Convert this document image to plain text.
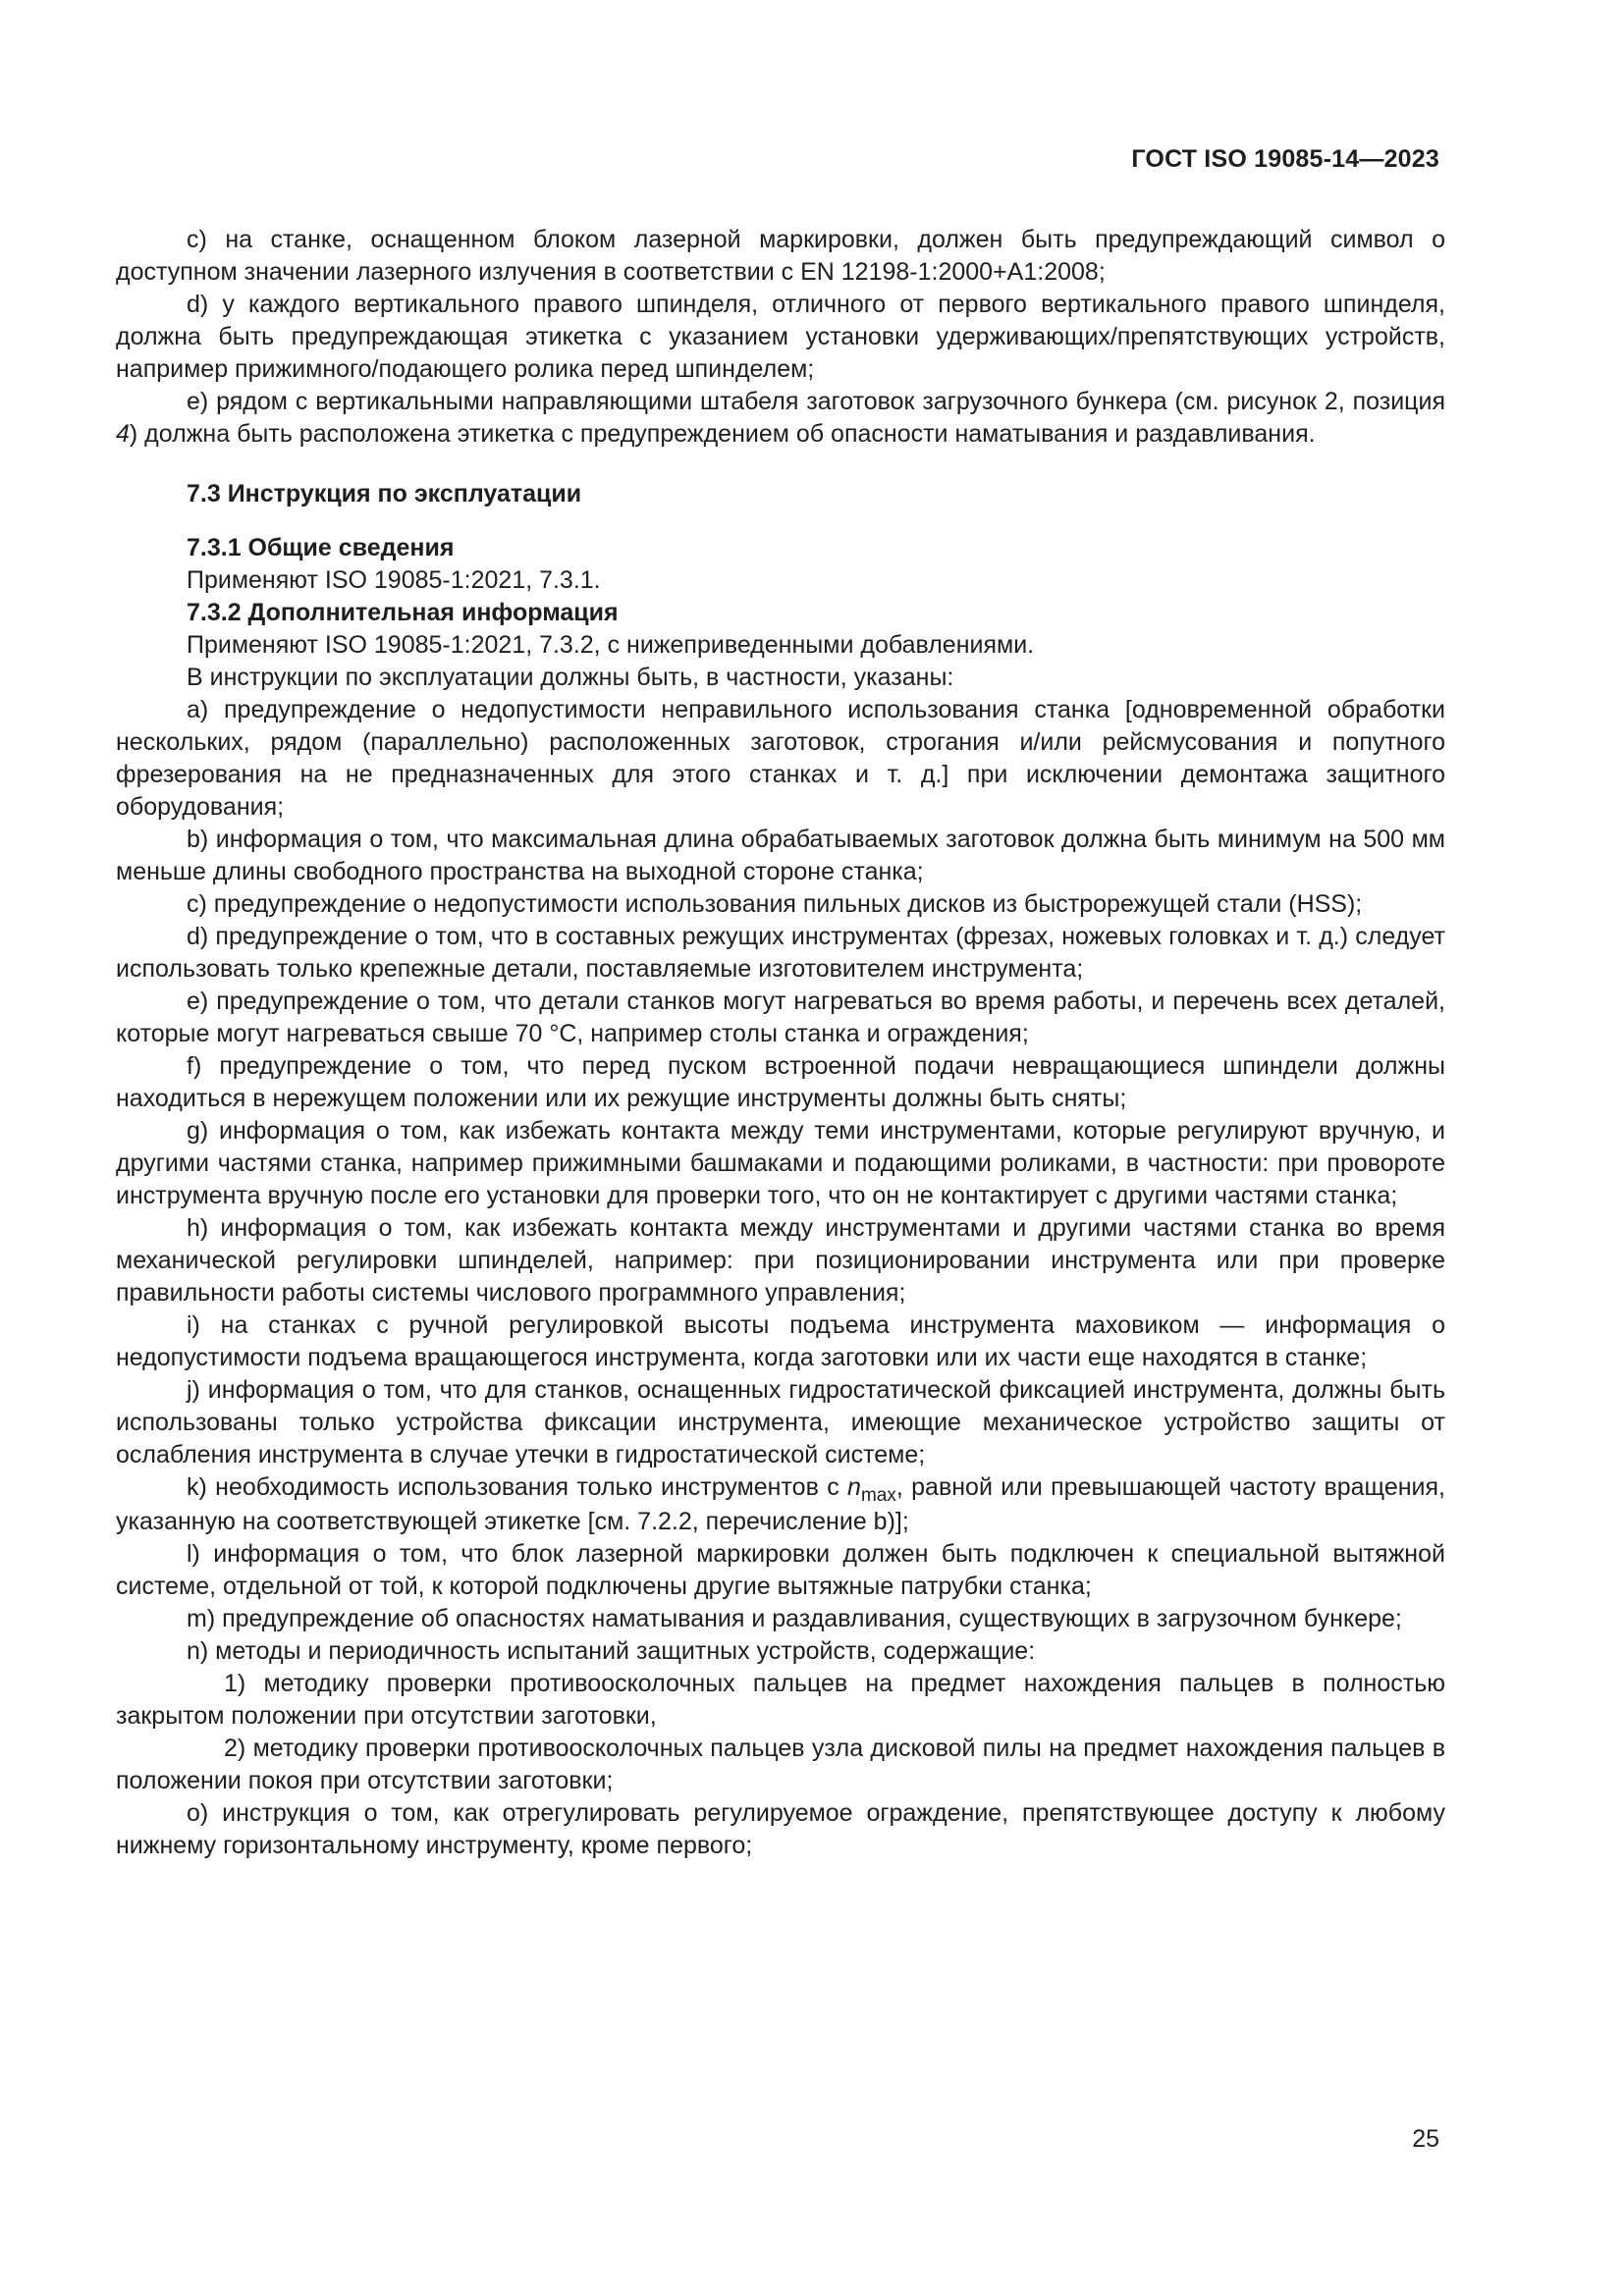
ГОСТ ISO 19085-14—2023

c) на станке, оснащенном блоком лазерной маркировки, должен быть предупреждающий символ о доступном значении лазерного излучения в соответствии с EN 12198-1:2000+A1:2008;

d) у каждого вертикального правого шпинделя, отличного от первого вертикального правого шпинделя, должна быть предупреждающая этикетка с указанием установки удерживающих/препятствующих устройств, например прижимного/подающего ролика перед шпинделем;

e) рядом с вертикальными направляющими штабеля заготовок загрузочного бункера (см. рисунок 2, позиция 4) должна быть расположена этикетка с предупреждением об опасности наматывания и раздавливания.

7.3 Инструкция по эксплуатации

7.3.1 Общие сведения

Применяют ISO 19085-1:2021, 7.3.1.

7.3.2 Дополнительная информация

Применяют ISO 19085-1:2021, 7.3.2, с нижеприведенными добавлениями.

В инструкции по эксплуатации должны быть, в частности, указаны:

а) предупреждение о недопустимости неправильного использования станка [одновременной обработки нескольких, рядом (параллельно) расположенных заготовок, строгания и/или рейсмусования и попутного фрезерования на не предназначенных для этого станках и т. д.] при исключении демонтажа защитного оборудования;

b) информация о том, что максимальная длина обрабатываемых заготовок должна быть минимум на 500 мм меньше длины свободного пространства на выходной стороне станка;

c) предупреждение о недопустимости использования пильных дисков из быстрорежущей стали (HSS);

d) предупреждение о том, что в составных режущих инструментах (фрезах, ножевых головках и т. д.) следует использовать только крепежные детали, поставляемые изготовителем инструмента;

e) предупреждение о том, что детали станков могут нагреваться во время работы, и перечень всех деталей, которые могут нагреваться свыше 70 °C, например столы станка и ограждения;

f) предупреждение о том, что перед пуском встроенной подачи невращающиеся шпиндели должны находиться в нережущем положении или их режущие инструменты должны быть сняты;

g) информация о том, как избежать контакта между теми инструментами, которые регулируют вручную, и другими частями станка, например прижимными башмаками и подающими роликами, в частности: при провороте инструмента вручную после его установки для проверки того, что он не контактирует с другими частями станка;

h) информация о том, как избежать контакта между инструментами и другими частями станка во время механической регулировки шпинделей, например: при позиционировании инструмента или при проверке правильности работы системы числового программного управления;

i) на станках с ручной регулировкой высоты подъема инструмента маховиком — информация о недопустимости подъема вращающегося инструмента, когда заготовки или их части еще находятся в станке;

j) информация о том, что для станков, оснащенных гидростатической фиксацией инструмента, должны быть использованы только устройства фиксации инструмента, имеющие механическое устройство защиты от ослабления инструмента в случае утечки в гидростатической системе;

k) необходимость использования только инструментов с $n_{max}$, равной или превышающей частоту вращения, указанную на соответствующей этикетке [см. 7.2.2, перечисление b)];

l) информация о том, что блок лазерной маркировки должен быть подключен к специальной вытяжной системе, отдельной от той, к которой подключены другие вытяжные патрубки станка;

m) предупреждение об опасностях наматывания и раздавливания, существующих в загрузочном бункере;

n) методы и периодичность испытаний защитных устройств, содержащие:

1) методику проверки противоосколочных пальцев на предмет нахождения пальцев в полностью закрытом положении при отсутствии заготовки,

2) методику проверки противоосколочных пальцев узла дисковой пилы на предмет нахождения пальцев в положении покоя при отсутствии заготовки;

o) инструкция о том, как отрегулировать регулируемое ограждение, препятствующее доступу к любому нижнему горизонтальному инструменту, кроме первого;

25
